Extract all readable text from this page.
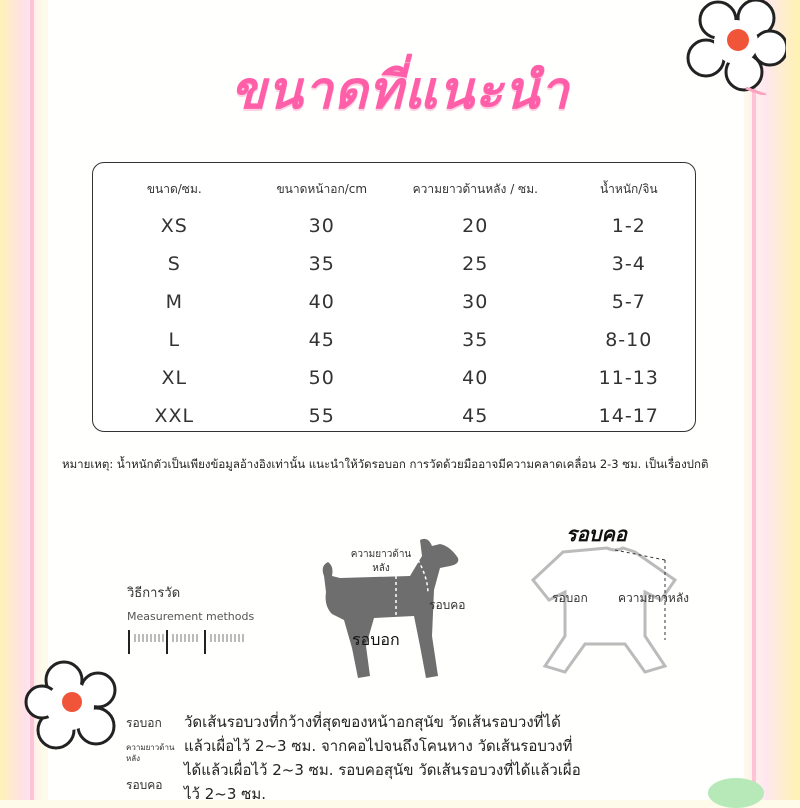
ขนาดที่แนะนำ
ขนาด/ซม.	ขนาดหน้าอก/cm	ความยาวด้านหลัง / ซม.	น้ำหนัก/จิน
XS	30	20	1-2
S	35	25	3-4
M	40	30	5-7
L	45	35	8-10
XL	50	40	11-13
XXL	55	45	14-17
หมายเหตุ: น้ำหนักตัวเป็นเพียงข้อมูลอ้างอิงเท่านั้น แนะนำให้วัดรอบอก การวัดด้วยมืออาจมีความคลาดเคลื่อน 2-3 ซม. เป็นเรื่องปกติ
วิธีการวัด
Measurement methods
ความยาวด้านหลัง
รอบคอ
รอบอก
รอบคอ
รอบอก	ความยาวหลัง
รอบอก
ความยาวด้านหลัง
รอบคอ
วัดเส้นรอบวงที่กว้างที่สุดของหน้าอกสุนัข วัดเส้นรอบวงที่ได้แล้วเผื่อไว้ 2~3 ซม. จากคอไปจนถึงโคนหาง วัดเส้นรอบวงที่ได้แล้วเผื่อไว้ 2~3 ซม. รอบคอสุนัข วัดเส้นรอบวงที่ได้แล้วเผื่อไว้ 2~3 ซม.
